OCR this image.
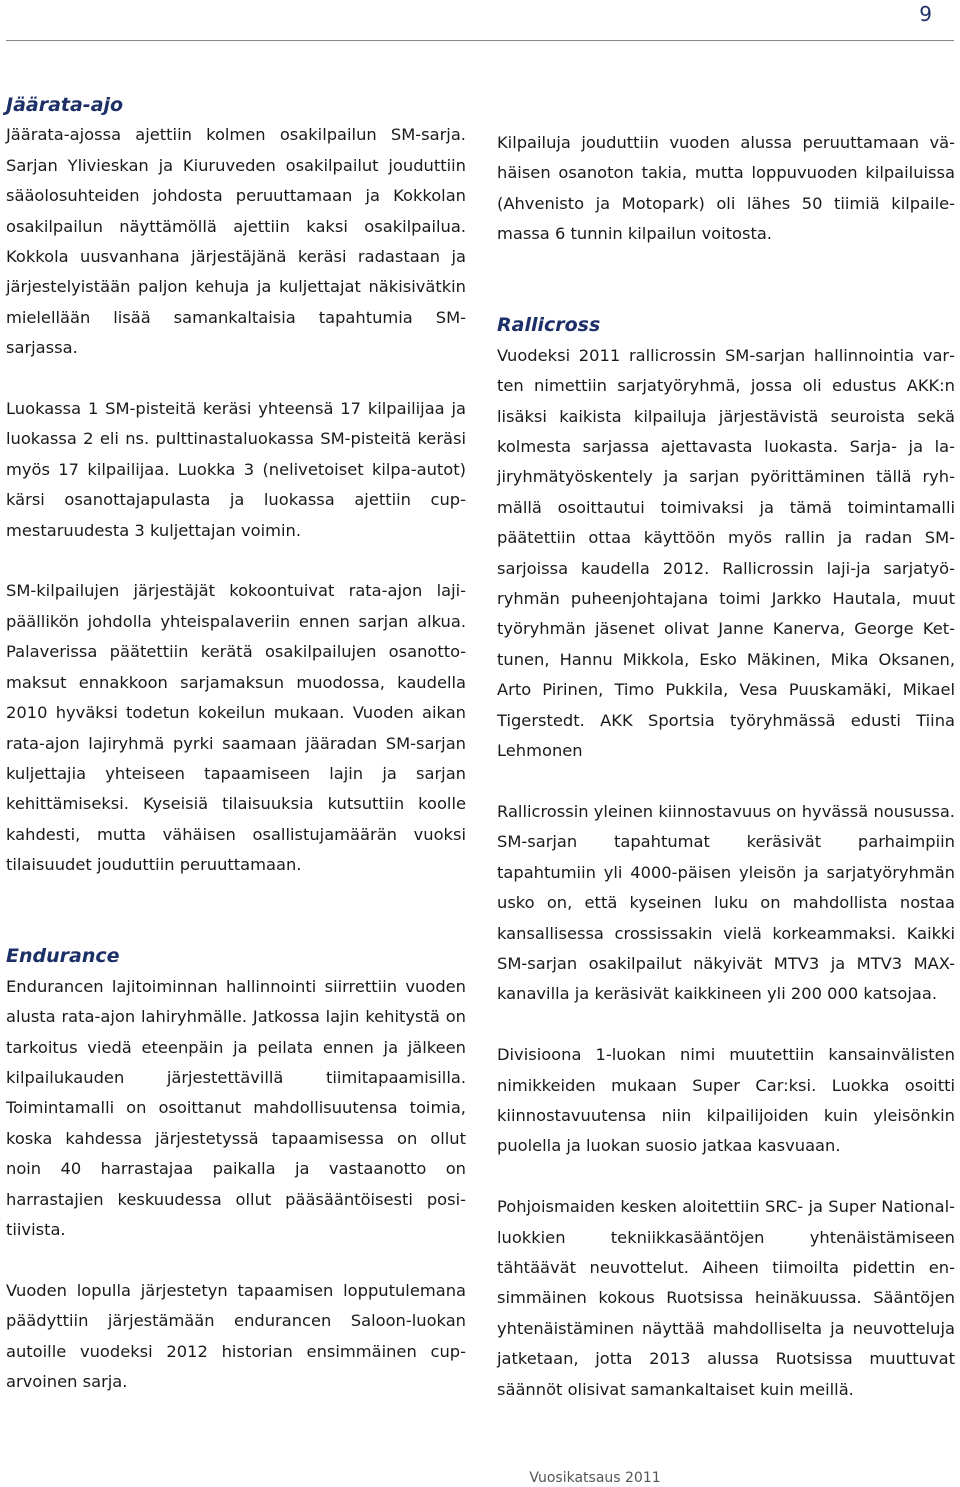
9
Jäärata-ajo

Jäärata-ajossa ajettiin kolmen osakilpailun SM-sarja. Sarjan Ylivieskan ja Kiuruveden osakilpailut jouduttiin sääolosuhteiden johdosta peruuttamaan ja Kokkolan osakilpailun näyttämöllä ajettiin kaksi osakilpailua. Kokkola uusvanhana järjestäjänä keräsi radastaan ja järjestelyistään paljon kehuja ja kuljettajat näkisivätkin mielellään lisää samankaltaisia tapahtumia SM-sarjassa.

Luokassa 1 SM-pisteitä keräsi yhteensä 17 kilpailijaa ja luokassa 2 eli ns. pulttinastaluokassa SM-pisteitä keräsi myös 17 kilpailijaa. Luokka 3 (nelivetoiset kilpa-autot) kärsi osanottajapulasta ja luokassa ajettiin cup-mestaruudesta 3 kuljettajan voimin.

SM-kilpailujen järjestäjät kokoontuivat rata-ajon lajipäällikön johdolla yhteispalaveriin ennen sarjan alkua. Palaverissa päätettiin kerätä osakilpailujen osanottomaksut ennakkoon sarjamaksun muodossa, kaudella 2010 hyväksi todetun kokeilun mukaan. Vuoden aikan rata-ajon lajiryhmä pyrki saamaan jääradan SM-sarjan kuljettajia yhteiseen tapaamiseen lajin ja sarjan kehittämiseksi. Kyseisiä tilaisuuksia kutsuttiin koolle kahdesti, mutta vähäisen osallistujamäärän vuoksi tilaisuudet jouduttiin peruuttamaan.

Endurance

Endurancen lajitoiminnan hallinnointi siirrettiin vuoden alusta rata-ajon lahiryhmälle. Jatkossa lajin kehitystä on tarkoitus viedä eteenpäin ja peilata ennen ja jälkeen kilpailukauden järjestettävillä tiimitapaamisilla. Toimintamalli on osoittanut mahdollisuutensa toimia, koska kahdessa järjestetyssä tapaamisessa on ollut noin 40 harrastajaa paikalla ja vastaanotto on harrastajien keskuudessa ollut pääsääntöisesti positiivista.

Vuoden lopulla järjestetyn tapaamisen lopputulemana päädyttiin järjestämään endurancen Saloon-luokan autoille vuodeksi 2012 historian ensimmäinen cup-arvoinen sarja.

Kilpailuja jouduttiin vuoden alussa peruuttamaan vähäisen osanoton takia, mutta loppuvuoden kilpailuissa (Ahvenisto ja Motopark) oli lähes 50 tiimiä kilpailemassa 6 tunnin kilpailun voitosta.

Rallicross

Vuodeksi 2011 rallicrossin SM-sarjan hallinnointia varten nimettiin sarjatyöryhmä, jossa oli edustus AKK:n lisäksi kaikista kilpailuja järjestävistä seuroista sekä kolmesta sarjassa ajettavasta luokasta. Sarja- ja lajiryhmätyöskentely ja sarjan pyörittäminen tällä ryhmällä osoittautui toimivaksi ja tämä toimintamalli päätettiin ottaa käyttöön myös rallin ja radan SM-sarjoissa kaudella 2012. Rallicrossin laji-ja sarjatyöryhmän puheenjohtajana toimi Jarkko Hautala, muut työryhmän jäsenet olivat Janne Kanerva, George Kettunen, Hannu Mikkola, Esko Mäkinen, Mika Oksanen, Arto Pirinen, Timo Pukkila, Vesa Puuskamäki, Mikael Tigerstedt. AKK Sportsia työryhmässä edusti Tiina Lehmonen

Rallicrossin yleinen kiinnostavuus on hyvässä nousussa. SM-sarjan tapahtumat keräsivät parhaimpiin tapahtumiin yli 4000-päisen yleisön ja sarjatyöryhmän usko on, että kyseinen luku on mahdollista nostaa kansallisessa crossissakin vielä korkeammaksi. Kaikki SM-sarjan osakilpailut näkyivät MTV3 ja MTV3 MAX- kanavilla ja keräsivät kaikkineen yli 200 000 katsojaa.

Divisioona 1-luokan nimi muutettiin kansainvälisten nimikkeiden mukaan Super Car:ksi. Luokka osoitti kiinnostavuutensa niin kilpailijoiden kuin yleisönkin puolella ja luokan suosio jatkaa kasvuaan.

Pohjoismaiden kesken aloitettiin SRC- ja Super National-luokkien tekniikkasääntöjen yhtenäistämiseen tähtäävät neuvottelut. Aiheen tiimoilta pidettin ensimmäinen kokous Ruotsissa heinäkuussa. Sääntöjen yhtenäistäminen näyttää mahdolliselta ja neuvotteluja jatketaan, jotta 2013 alussa Ruotsissa muuttuvat säännöt olisivat samankaltaiset kuin meillä.

Vuosikatsaus 2011
